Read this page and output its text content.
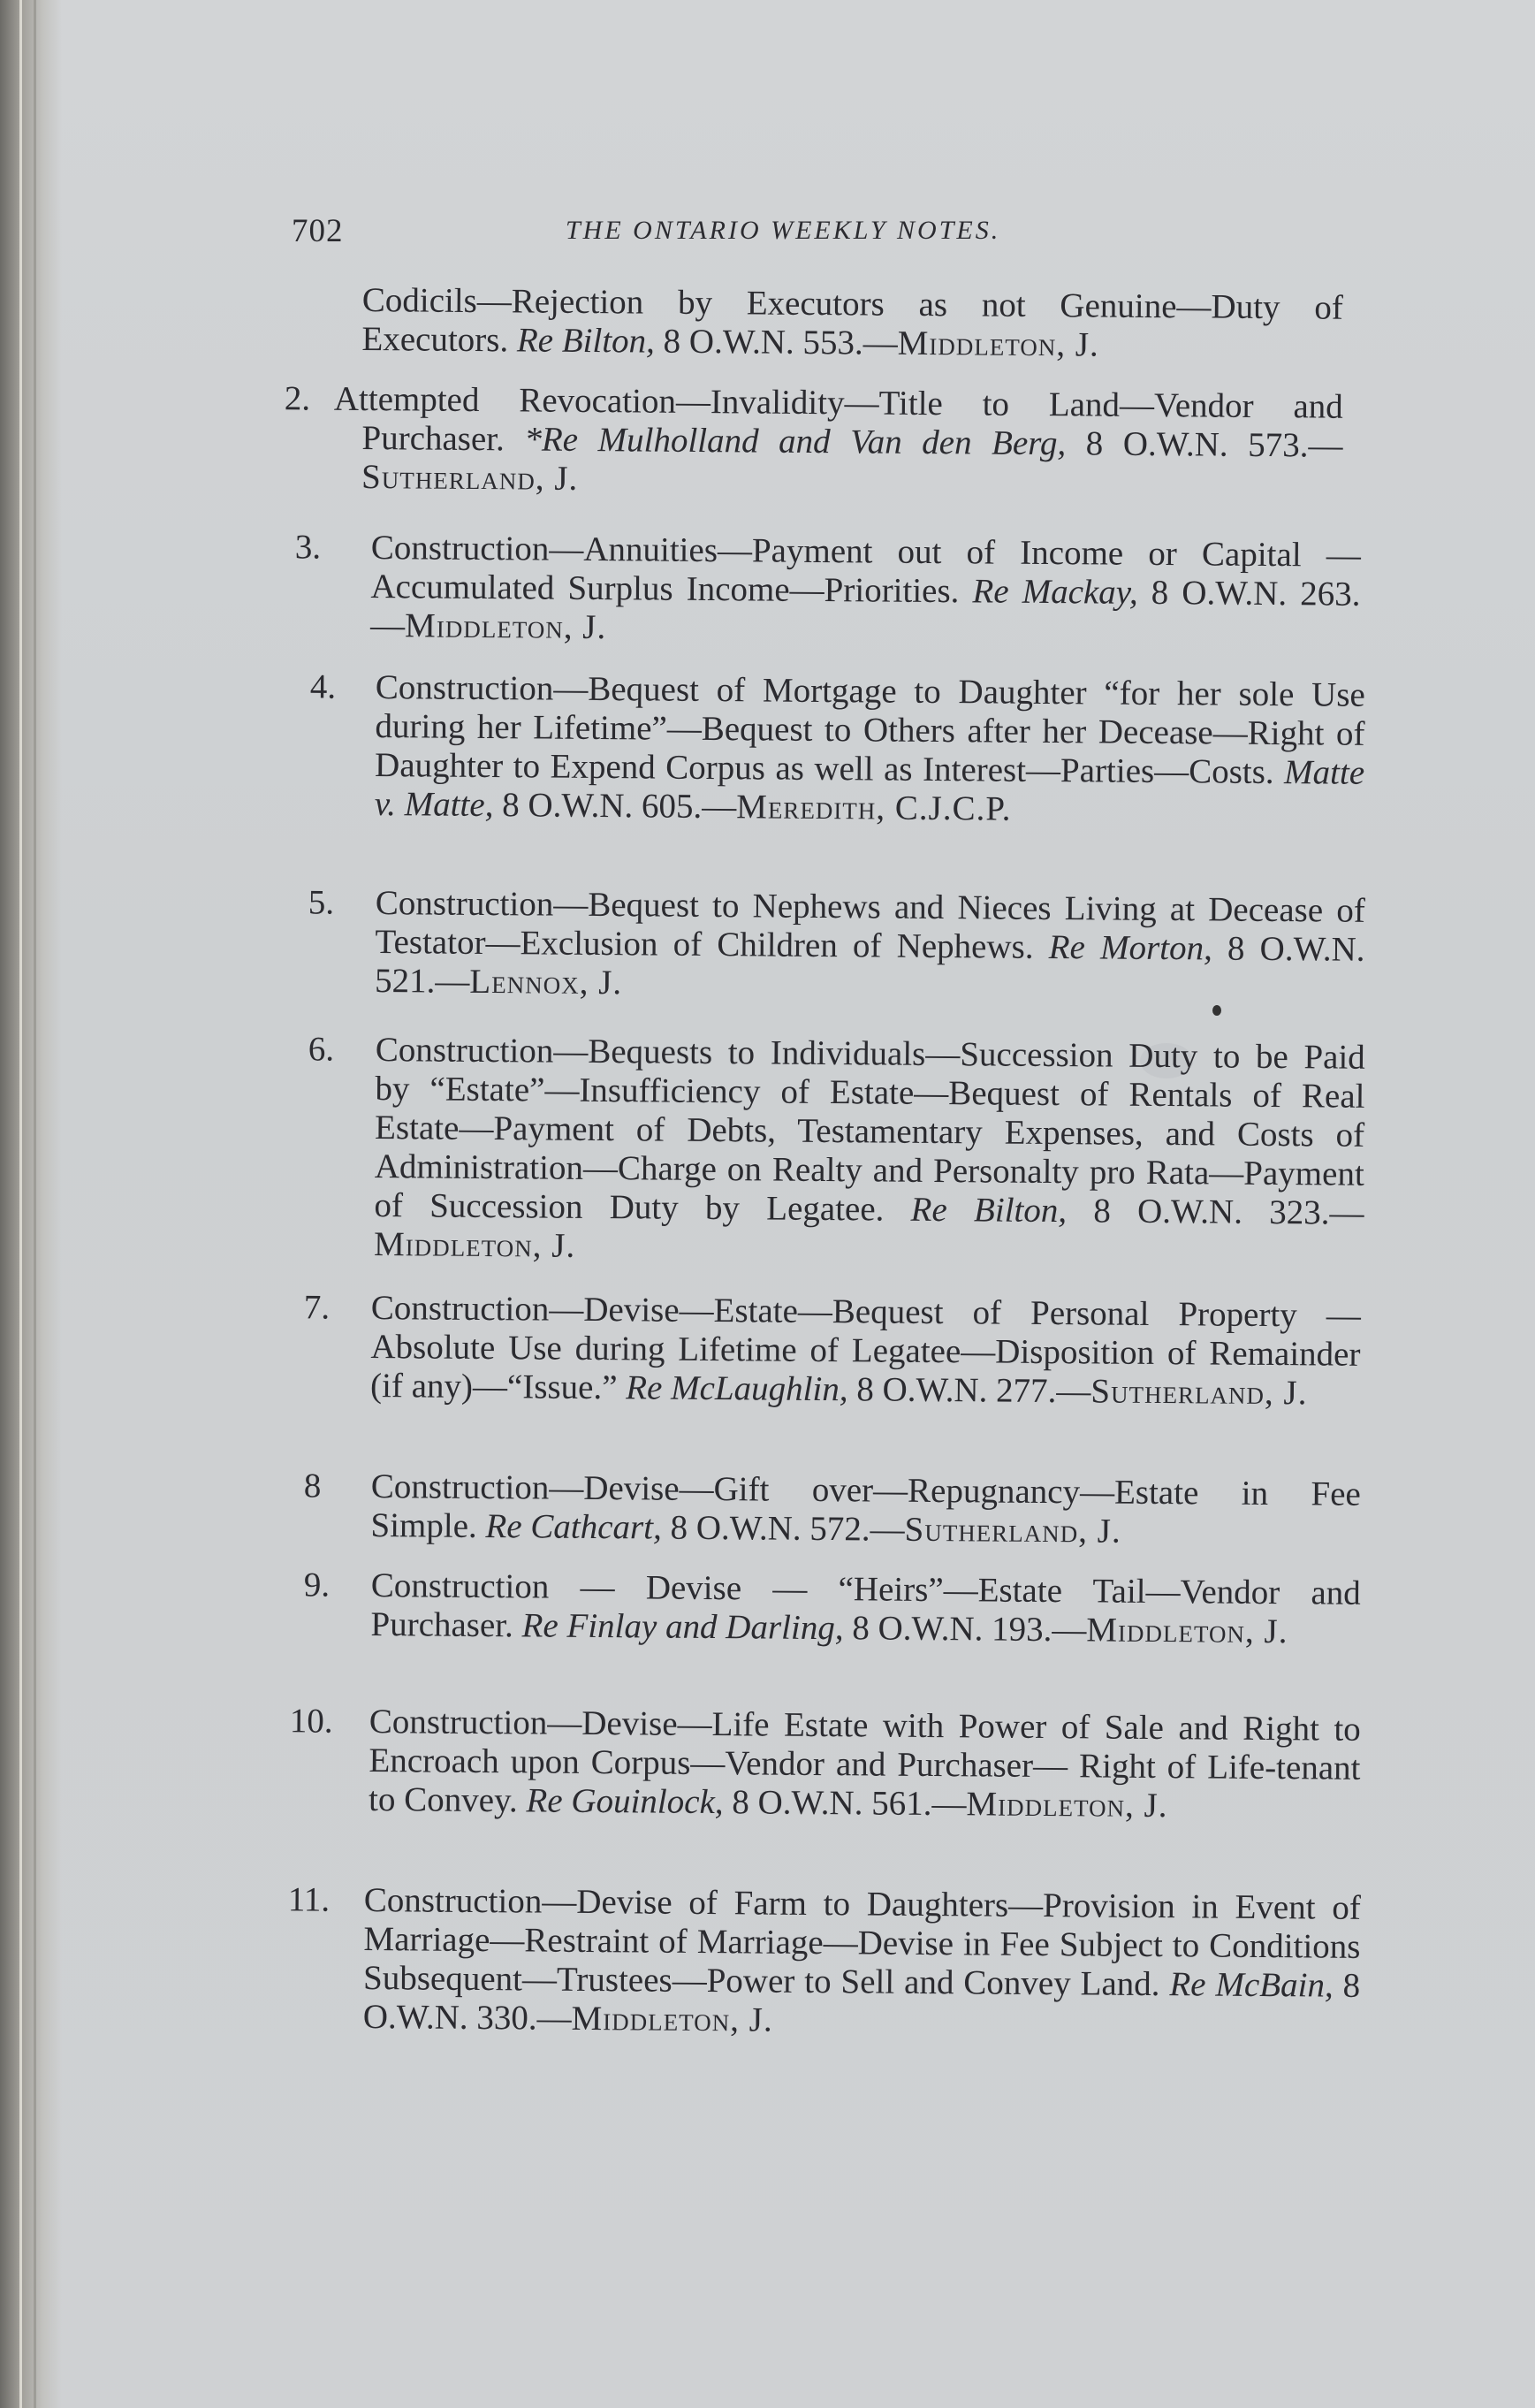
702	THE ONTARIO WEEKLY NOTES.
Codicils—Rejection by Executors as not Genuine—Duty of Executors. Re Bilton, 8 O.W.N. 553.—Middleton, J.
2. Attempted Revocation—Invalidity—Title to Land—Vendor and Purchaser. *Re Mulholland and Van den Berg, 8 O.W.N. 573.—Sutherland, J.
3. Construction—Annuities—Payment out of Income or Capital —Accumulated Surplus Income—Priorities. Re Mackay, 8 O.W.N. 263.—Middleton, J.
4. Construction—Bequest of Mortgage to Daughter “for her sole Use during her Lifetime”—Bequest to Others after her Decease—Right of Daughter to Expend Corpus as well as Interest—Parties—Costs. Matte v. Matte, 8 O.W.N. 605.—Meredith, C.J.C.P.
5. Construction—Bequest to Nephews and Nieces Living at Decease of Testator—Exclusion of Children of Nephews. Re Morton, 8 O.W.N. 521.—Lennox, J.
6. Construction—Bequests to Individuals—Succession Duty to be Paid by “Estate”—Insufficiency of Estate—Bequest of Rentals of Real Estate—Payment of Debts, Testamentary Expenses, and Costs of Administration—Charge on Realty and Personalty pro Rata—Payment of Succession Duty by Legatee. Re Bilton, 8 O.W.N. 323.—Middleton, J.
7. Construction—Devise—Estate—Bequest of Personal Property —Absolute Use during Lifetime of Legatee—Disposition of Remainder (if any)—“Issue.” Re McLaughlin, 8 O.W.N. 277.—Sutherland, J.
8 Construction—Devise—Gift over—Repugnancy—Estate in Fee Simple. Re Cathcart, 8 O.W.N. 572.—Sutherland, J.
9. Construction — Devise — “Heirs”—Estate Tail—Vendor and Purchaser. Re Finlay and Darling, 8 O.W.N. 193.—Middleton, J.
10. Construction—Devise—Life Estate with Power of Sale and Right to Encroach upon Corpus—Vendor and Purchaser— Right of Life-tenant to Convey. Re Gouinlock, 8 O.W.N. 561.—Middleton, J.
11. Construction—Devise of Farm to Daughters—Provision in Event of Marriage—Restraint of Marriage—Devise in Fee Subject to Conditions Subsequent—Trustees—Power to Sell and Convey Land. Re McBain, 8 O.W.N. 330.—Middleton, J.
